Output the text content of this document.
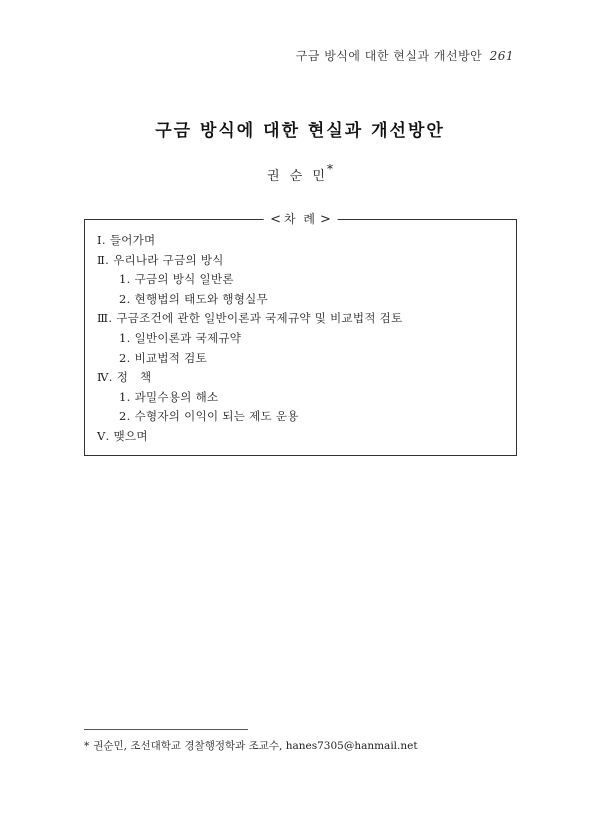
구금 방식에 대한 현실과 개선방안 261
구금 방식에 대한 현실과 개선방안
권 순 민*
< 차 례 >
Ⅰ. 들어가며
Ⅱ. 우리나라 구금의 방식
1. 구금의 방식 일반론
2. 현행법의 태도와 행형실무
Ⅲ. 구금조건에 관한 일반이론과 국제규약 및 비교법적 검토
1. 일반이론과 국제규약
2. 비교법적 검토
Ⅳ. 정   책
1. 과밀수용의 해소
2. 수형자의 이익이 되는 제도 운용
Ⅴ. 맺으며
* 권순민, 조선대학교 경찰행정학과 조교수, hanes7305@hanmail.net
